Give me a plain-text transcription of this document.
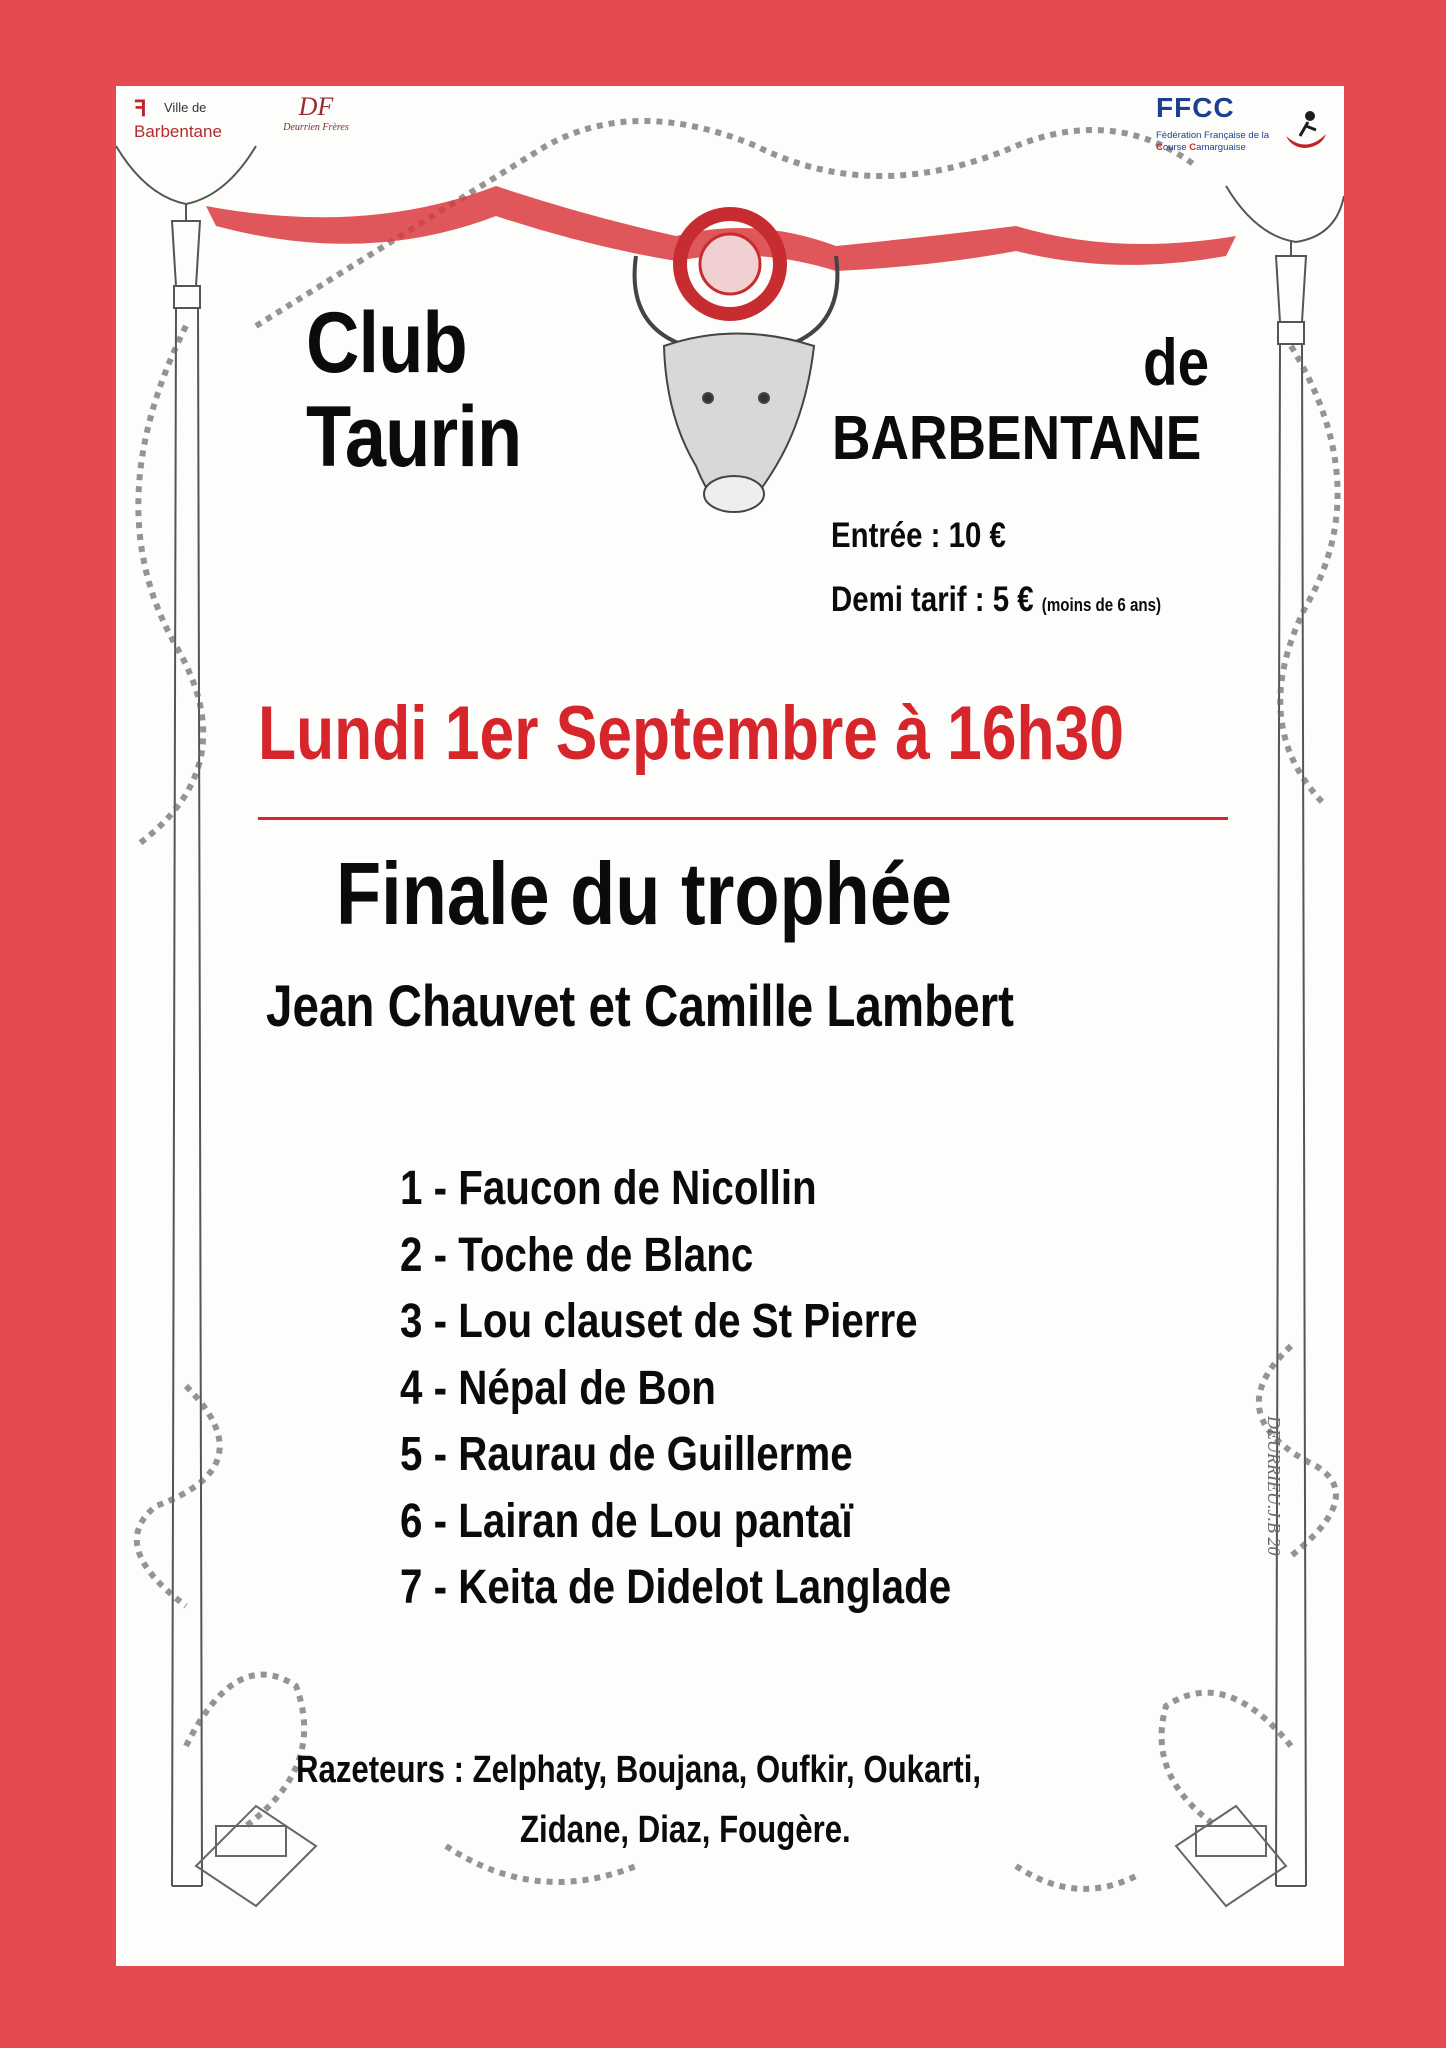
ꟻ	Ville de
Barbentane
DF
Deurrien Frères
FFCC
Fédération Française de la
Course Camarguaise
Club
Taurin
de
BARBENTANE
Entrée : 10 €
Demi tarif : 5 € (moins de 6 ans)
Lundi 1er Septembre à 16h30
Finale du trophée
Jean Chauvet et Camille Lambert
1 - Faucon de Nicollin
2 - Toche de Blanc
3 - Lou clauset de St Pierre
4 - Népal de Bon
5 - Raurau de Guillerme
6 - Lairan de Lou pantaï
7 - Keita de Didelot Langlade
Razeteurs : Zelphaty, Boujana, Oufkir, Oukarti,
Zidane, Diaz, Fougère.
DEURRIEU.J.B 20
